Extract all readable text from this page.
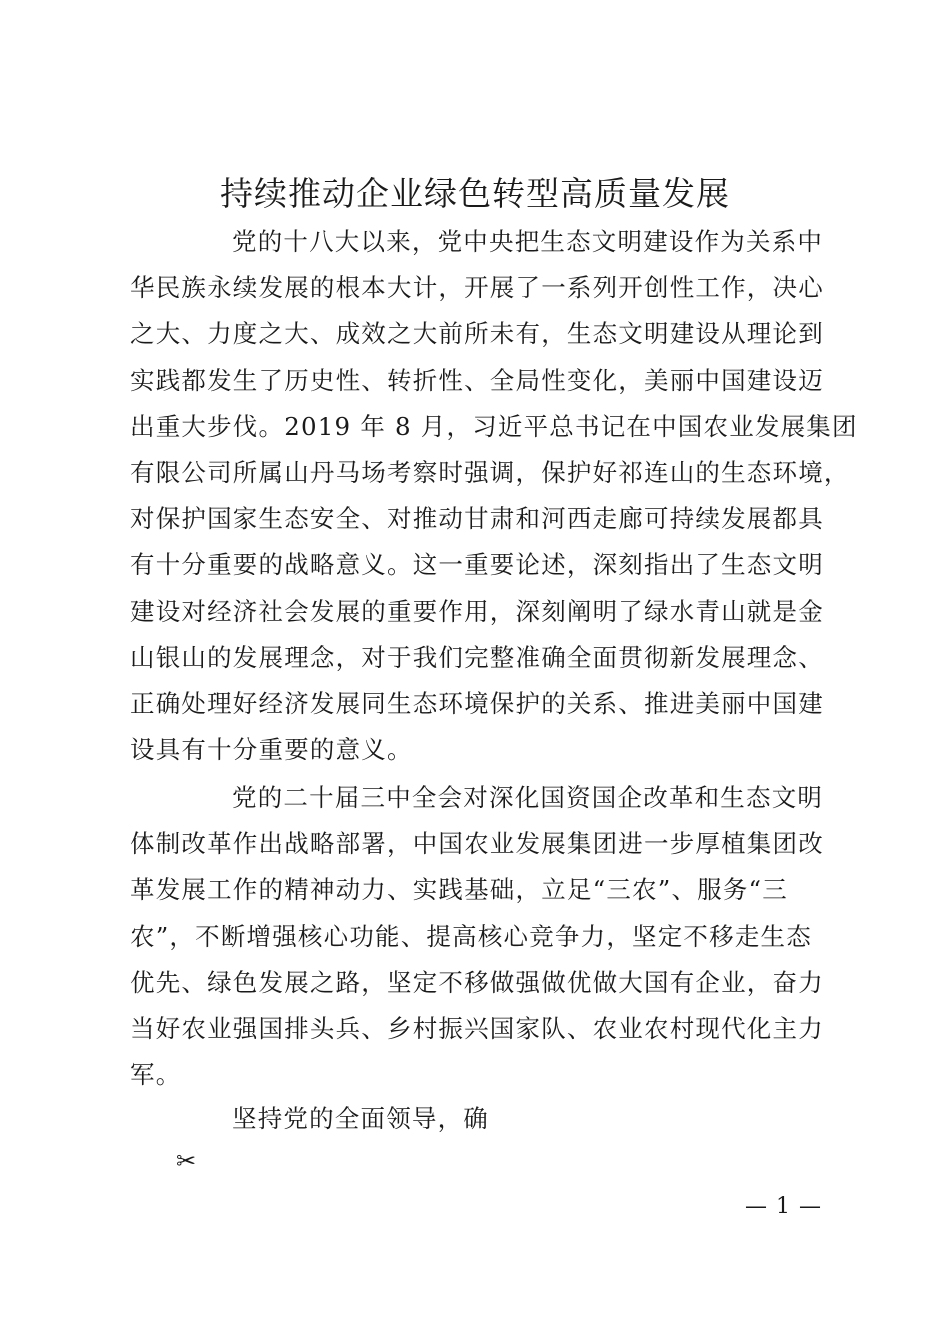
持续推动企业绿色转型高质量发展

党的十八大以来，党中央把生态文明建设作为关系中
华民族永续发展的根本大计，开展了一系列开创性工作，决心
之大、力度之大、成效之大前所未有，生态文明建设从理论到
实践都发生了历史性、转折性、全局性变化，美丽中国建设迈
出重大步伐。2019 年 8 月，习近平总书记在中国农业发展集团
有限公司所属山丹马场考察时强调，保护好祁连山的生态环境，
对保护国家生态安全、对推动甘肃和河西走廊可持续发展都具
有十分重要的战略意义。这一重要论述，深刻指出了生态文明
建设对经济社会发展的重要作用，深刻阐明了绿水青山就是金
山银山的发展理念，对于我们完整准确全面贯彻新发展理念、
正确处理好经济发展同生态环境保护的关系、推进美丽中国建
设具有十分重要的意义。

党的二十届三中全会对深化国资国企改革和生态文明
体制改革作出战略部署，中国农业发展集团进一步厚植集团改
革发展工作的精神动力、实践基础，立足“三农”、服务“三
农”，不断增强核心功能、提高核心竞争力，坚定不移走生态
优先、绿色发展之路，坚定不移做强做优做大国有企业，奋力
当好农业强国排头兵、乡村振兴国家队、农业农村现代化主力
军。

坚持党的全面领导，确

✂
— 1 —
